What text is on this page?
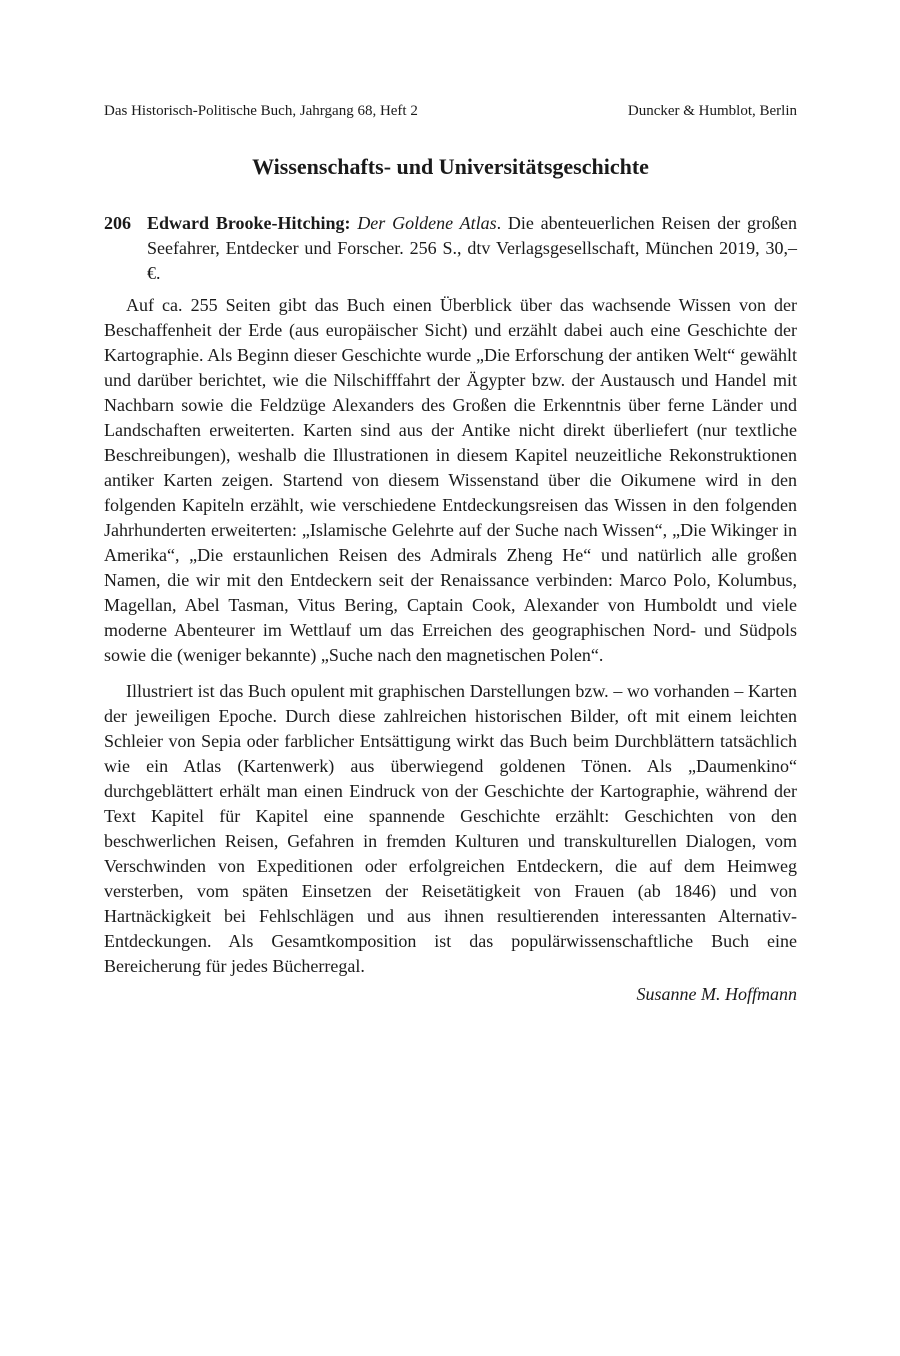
Das Historisch-Politische Buch, Jahrgang 68, Heft 2	Duncker & Humblot, Berlin
Wissenschafts- und Universitätsgeschichte

206 Edward Brooke-Hitching: Der Goldene Atlas. Die abenteuerlichen Reisen der großen Seefahrer, Entdecker und Forscher. 256 S., dtv Verlagsgesellschaft, München 2019, 30,– €.

Auf ca. 255 Seiten gibt das Buch einen Überblick über das wachsende Wissen von der Beschaffenheit der Erde (aus europäischer Sicht) und erzählt dabei auch eine Geschichte der Kartographie. Als Beginn dieser Geschichte wurde „Die Erforschung der antiken Welt“ gewählt und darüber berichtet, wie die Nilschifffahrt der Ägypter bzw. der Austausch und Handel mit Nachbarn sowie die Feldzüge Alexanders des Großen die Erkenntnis über ferne Länder und Landschaften erweiterten. Karten sind aus der Antike nicht direkt überliefert (nur textliche Beschreibungen), weshalb die Illustrationen in diesem Kapitel neuzeitliche Rekonstruktionen antiker Karten zeigen. Startend von diesem Wissenstand über die Oikumene wird in den folgenden Kapiteln erzählt, wie verschiedene Entdeckungsreisen das Wissen in den folgenden Jahrhunderten erweiterten: „Islamische Gelehrte auf der Suche nach Wissen“, „Die Wikinger in Amerika“, „Die erstaunlichen Reisen des Admirals Zheng He“ und natürlich alle großen Namen, die wir mit den Entdeckern seit der Renaissance verbinden: Marco Polo, Kolumbus, Magellan, Abel Tasman, Vitus Bering, Captain Cook, Alexander von Humboldt und viele moderne Abenteurer im Wettlauf um das Erreichen des geographischen Nord- und Südpols sowie die (weniger bekannte) „Suche nach den magnetischen Polen“.

Illustriert ist das Buch opulent mit graphischen Darstellungen bzw. – wo vorhanden – Karten der jeweiligen Epoche. Durch diese zahlreichen historischen Bilder, oft mit einem leichten Schleier von Sepia oder farblicher Entsättigung wirkt das Buch beim Durchblättern tatsächlich wie ein Atlas (Kartenwerk) aus überwiegend goldenen Tönen. Als „Daumenkino“ durchgeblättert erhält man einen Eindruck von der Geschichte der Kartographie, während der Text Kapitel für Kapitel eine spannende Geschichte erzählt: Geschichten von den beschwerlichen Reisen, Gefahren in fremden Kulturen und transkulturellen Dialogen, vom Verschwinden von Expeditionen oder erfolgreichen Entdeckern, die auf dem Heimweg versterben, vom späten Einsetzen der Reisetätigkeit von Frauen (ab 1846) und von Hartnäckigkeit bei Fehlschlägen und aus ihnen resultierenden interessanten Alternativ-Entdeckungen. Als Gesamtkomposition ist das populärwissenschaftliche Buch eine Bereicherung für jedes Bücherregal.

Susanne M. Hoffmann
